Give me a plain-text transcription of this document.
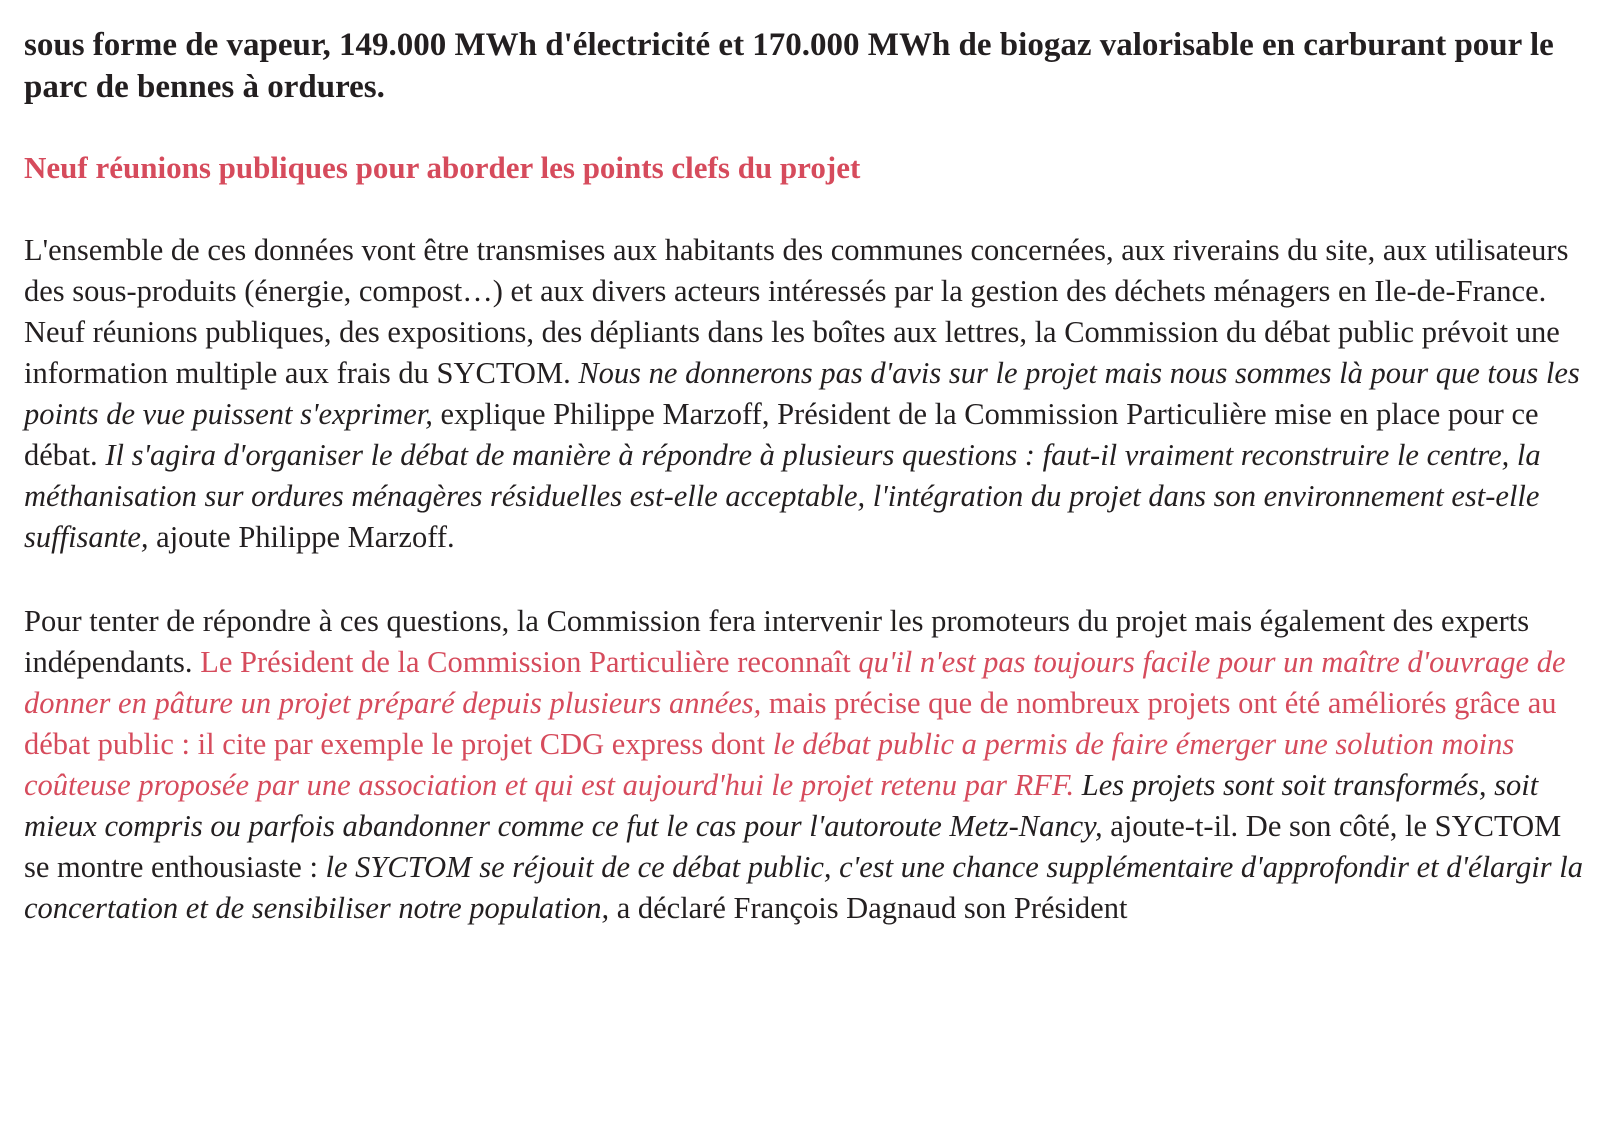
sous forme de vapeur, 149.000 MWh d'électricité et 170.000 MWh de biogaz valorisable en carburant pour le parc de bennes à ordures.

Neuf réunions publiques pour aborder les points clefs du projet

L'ensemble de ces données vont être transmises aux habitants des communes concernées, aux riverains du site, aux utilisateurs des sous-produits (énergie, compost…) et aux divers acteurs intéressés par la gestion des déchets ménagers en Ile-de-France. Neuf réunions publiques, des expositions, des dépliants dans les boîtes aux lettres, la Commission du débat public prévoit une information multiple aux frais du SYCTOM. Nous ne donnerons pas d'avis sur le projet mais nous sommes là pour que tous les points de vue puissent s'exprimer, explique Philippe Marzoff, Président de la Commission Particulière mise en place pour ce débat. Il s'agira d'organiser le débat de manière à répondre à plusieurs questions : faut-il vraiment reconstruire le centre, la méthanisation sur ordures ménagères résiduelles est-elle acceptable, l'intégration du projet dans son environnement est-elle suffisante, ajoute Philippe Marzoff.

Pour tenter de répondre à ces questions, la Commission fera intervenir les promoteurs du projet mais également des experts indépendants. Le Président de la Commission Particulière reconnaît qu'il n'est pas toujours facile pour un maître d'ouvrage de donner en pâture un projet préparé depuis plusieurs années, mais précise que de nombreux projets ont été améliorés grâce au débat public : il cite par exemple le projet CDG express dont le débat public a permis de faire émerger une solution moins coûteuse proposée par une association et qui est aujourd'hui le projet retenu par RFF. Les projets sont soit transformés, soit mieux compris ou parfois abandonner comme ce fut le cas pour l'autoroute Metz-Nancy, ajoute-t-il. De son côté, le SYCTOM se montre enthousiaste : le SYCTOM se réjouit de ce débat public, c'est une chance supplémentaire d'approfondir et d'élargir la concertation et de sensibiliser notre population, a déclaré François Dagnaud son Président
